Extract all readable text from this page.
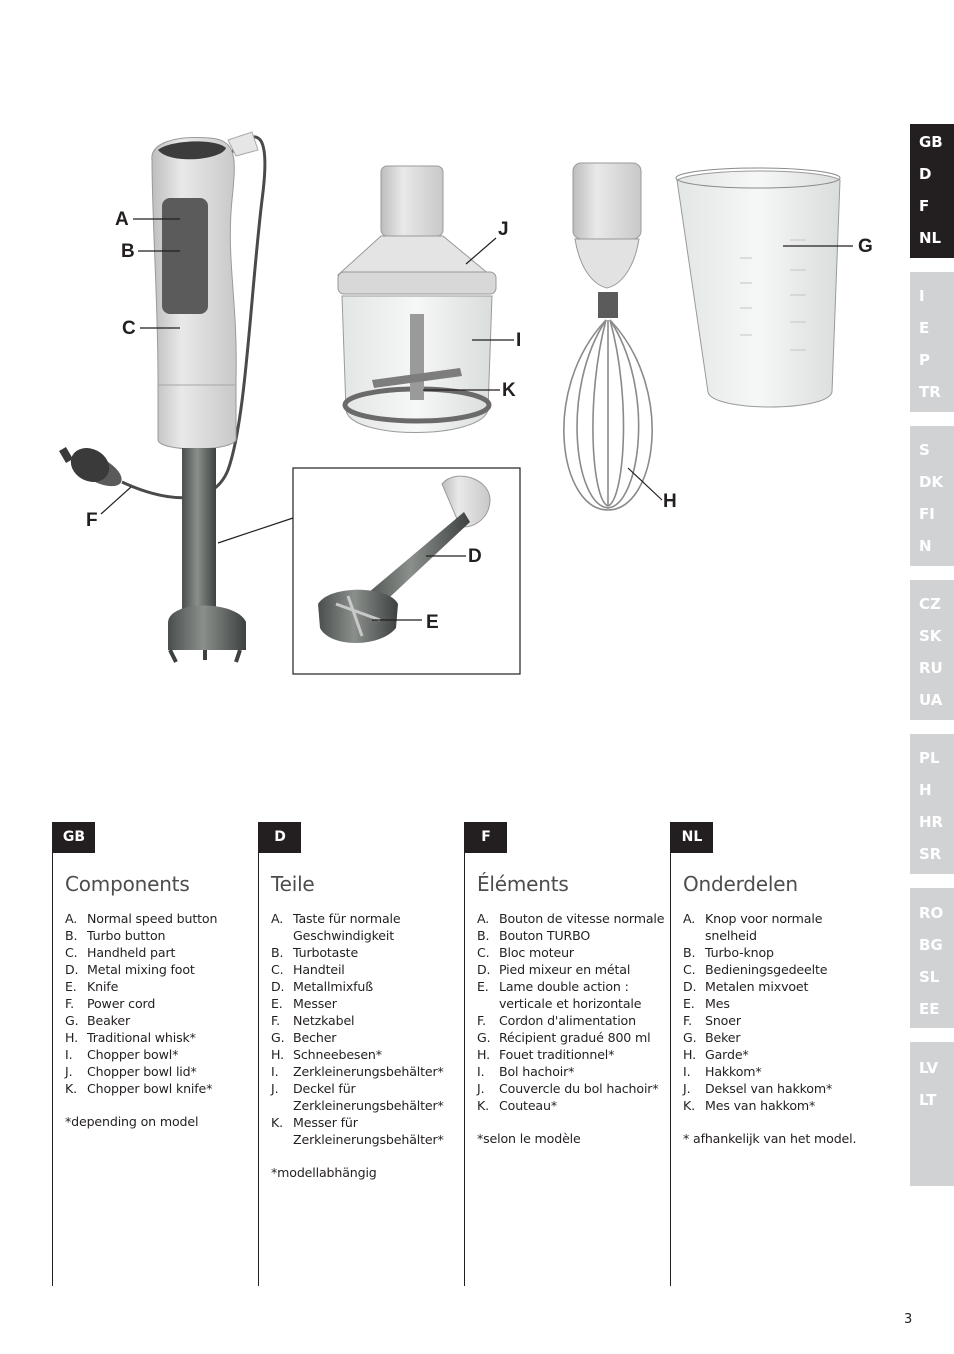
A
B
C
F
D
E
J
I
K
H
G
GB
D
F
NL
I
E
P
TR
S
DK
FI
N
CZ
SK
RU
UA
PL
H
HR
SR
RO
BG
SL
EE
LV
LT
GB
Components
A. Normal speed button
B. Turbo button
C. Handheld part
D. Metal mixing foot
E. Knife
F.	Power cord
G. Beaker
H. Traditional whisk*
I.	Chopper bowl*
J.	Chopper bowl lid*
K. Chopper bowl knife*

*depending on model

D
Teile
A. Taste für normale
Geschwindigkeit
B. Turbotaste
C. Handteil
D. Metallmixfuß
E. Messer
F.	Netzkabel
G. Becher
H. Schneebesen*
I.	Zerkleinerungsbehälter*
J.	Deckel für
Zerkleinerungsbehälter*
K. Messer für
Zerkleinerungsbehälter*

*modellabhängig

F
Éléments
A. Bouton de vitesse normale
B. Bouton TURBO
C. Bloc moteur
D. Pied mixeur en métal
E. Lame double action :
verticale et horizontale
F.	Cordon d'alimentation
G. Récipient gradué 800 ml
H. Fouet traditionnel*
I.	Bol hachoir*
J.	Couvercle du bol hachoir*
K. Couteau*

*selon le modèle

NL
Onderdelen
A. Knop voor normale
snelheid
B. Turbo-knop
C. Bedieningsgedeelte
D. Metalen mixvoet
E. Mes
F.	Snoer
G. Beker
H. Garde*
I.	Hakkom*
J.	Deksel van hakkom*
K. Mes van hakkom*

* afhankelijk van het model.

3
